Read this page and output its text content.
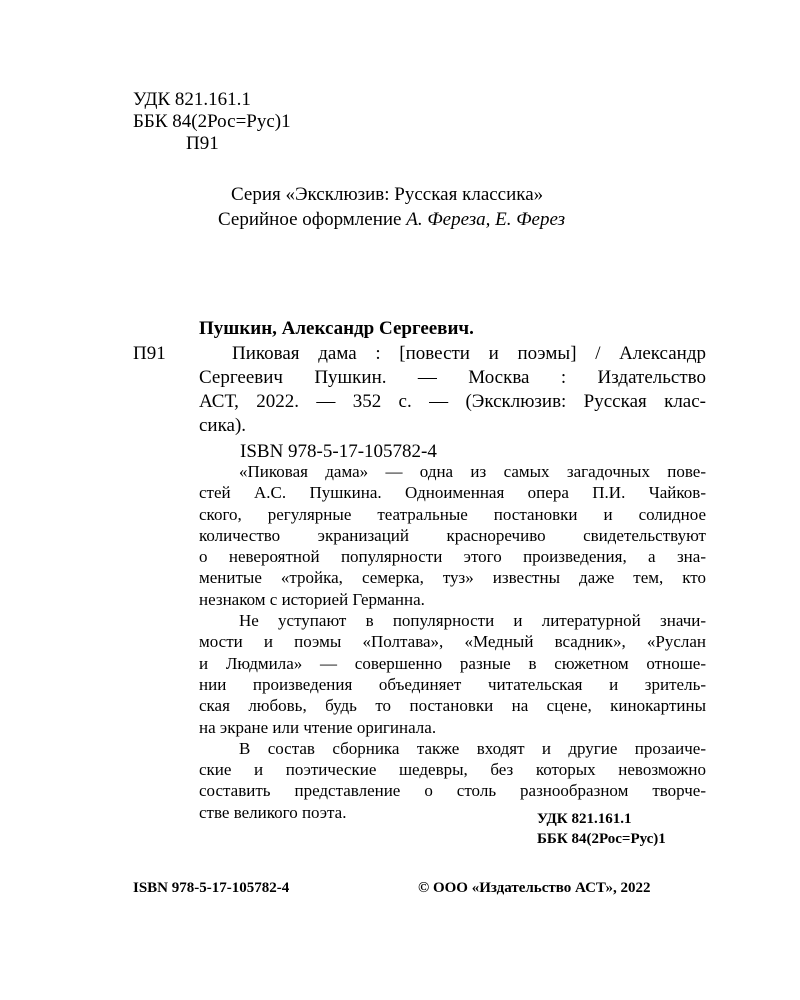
УДК 821.161.1
ББК 84(2Рос=Рус)1
П91
Серия «Эксклюзив: Русская классика»
Серийное оформление А. Фереза, Е. Ферез
Пушкин, Александр Сергеевич.
П91	Пиковая дама : [повести и поэмы] / Александр
Сергеевич Пушкин. — Москва : Издательство
АСТ, 2022. — 352 с. — (Эксклюзив: Русская клас-
сика).
ISBN 978-5-17-105782-4
«Пиковая дама» — одна из самых загадочных пове-
стей А.С. Пушкина. Одноименная опера П.И. Чайков-
ского, регулярные театральные постановки и солидное
количество экранизаций красноречиво свидетельствуют
о невероятной популярности этого произведения, а зна-
менитые «тройка, семерка, туз» известны даже тем, кто
незнаком с историей Германна.
Не уступают в популярности и литературной значи-
мости и поэмы «Полтава», «Медный всадник», «Руслан
и Людмила» — совершенно разные в сюжетном отноше-
нии произведения объединяет читательская и зритель-
ская любовь, будь то постановки на сцене, кинокартины
на экране или чтение оригинала.
В состав сборника также входят и другие прозаиче-
ские и поэтические шедевры, без которых невозможно
составить представление о столь разнообразном творче-
стве великого поэта.	УДК 821.161.1
ББК 84(2Рос=Рус)1
ISBN 978-5-17-105782-4	© ООО «Издательство АСТ», 2022
